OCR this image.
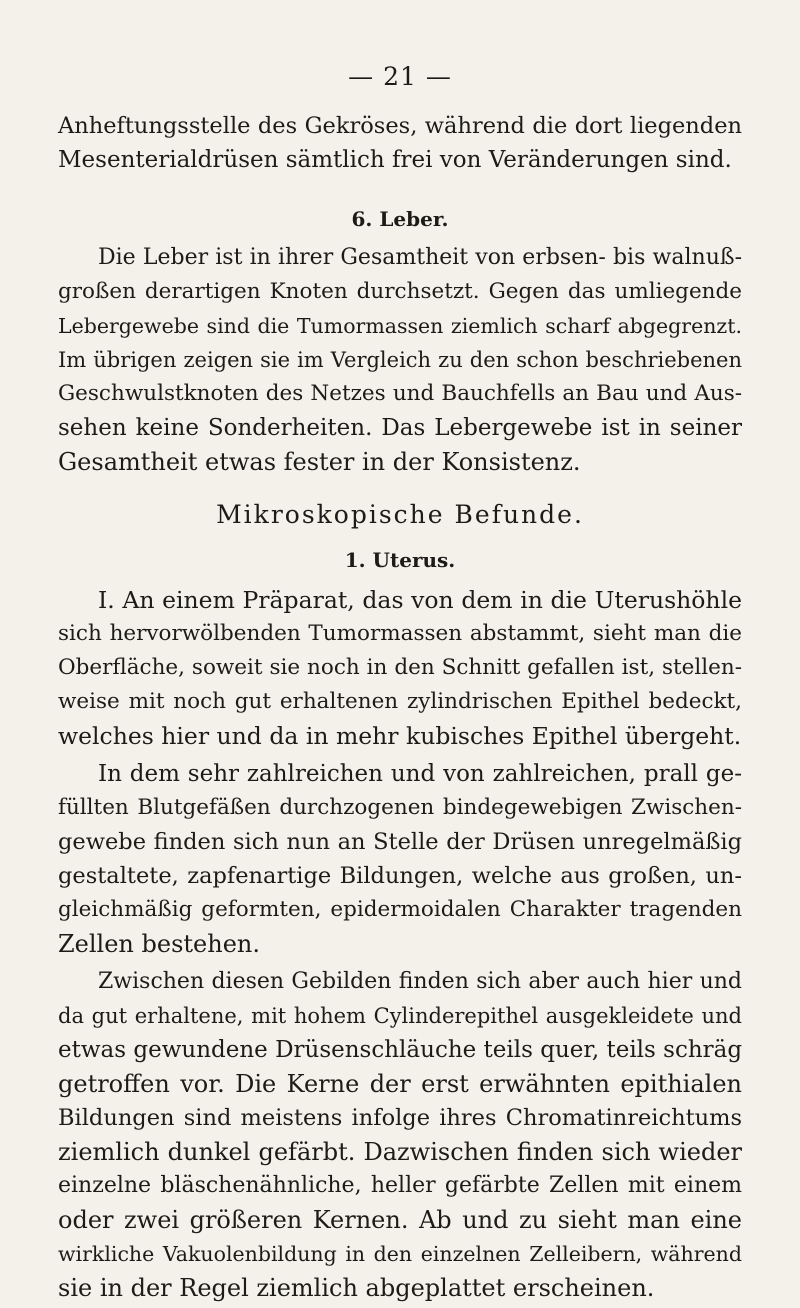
— 21 —

Anheftungsstelle des Gekröses, während die dort liegenden

Mesenterialdrüsen sämtlich frei von Veränderungen sind.

6. Leber.

Die Leber ist in ihrer Gesamtheit von erbsen- bis walnuß-

großen derartigen Knoten durchsetzt. Gegen das umliegende

Lebergewebe sind die Tumormassen ziemlich scharf abgegrenzt.

Im übrigen zeigen sie im Vergleich zu den schon beschriebenen

Geschwulstknoten des Netzes und Bauchfells an Bau und Aus-

sehen keine Sonderheiten. Das Lebergewebe ist in seiner

Gesamtheit etwas fester in der Konsistenz.

Mikroskopische Befunde.
1. Uterus.

I. An einem Präparat, das von dem in die Uterushöhle

sich hervorwölbenden Tumormassen abstammt, sieht man die

Oberfläche, soweit sie noch in den Schnitt gefallen ist, stellen-

weise mit noch gut erhaltenen zylindrischen Epithel bedeckt,

welches hier und da in mehr kubisches Epithel übergeht.

In dem sehr zahlreichen und von zahlreichen, prall ge-

füllten Blutgefäßen durchzogenen bindegewebigen Zwischen-

gewebe finden sich nun an Stelle der Drüsen unregelmäßig

gestaltete, zapfenartige Bildungen, welche aus großen, un-

gleichmäßig geformten, epidermoidalen Charakter tragenden

Zellen bestehen.

Zwischen diesen Gebilden finden sich aber auch hier und

da gut erhaltene, mit hohem Cylinderepithel ausgekleidete und

etwas gewundene Drüsenschläuche teils quer, teils schräg

getroffen vor. Die Kerne der erst erwähnten epithialen

Bildungen sind meistens infolge ihres Chromatinreichtums

ziemlich dunkel gefärbt. Dazwischen finden sich wieder

einzelne bläschenähnliche, heller gefärbte Zellen mit einem

oder zwei größeren Kernen. Ab und zu sieht man eine

wirkliche Vakuolenbildung in den einzelnen Zelleibern, während

sie in der Regel ziemlich abgeplattet erscheinen.
